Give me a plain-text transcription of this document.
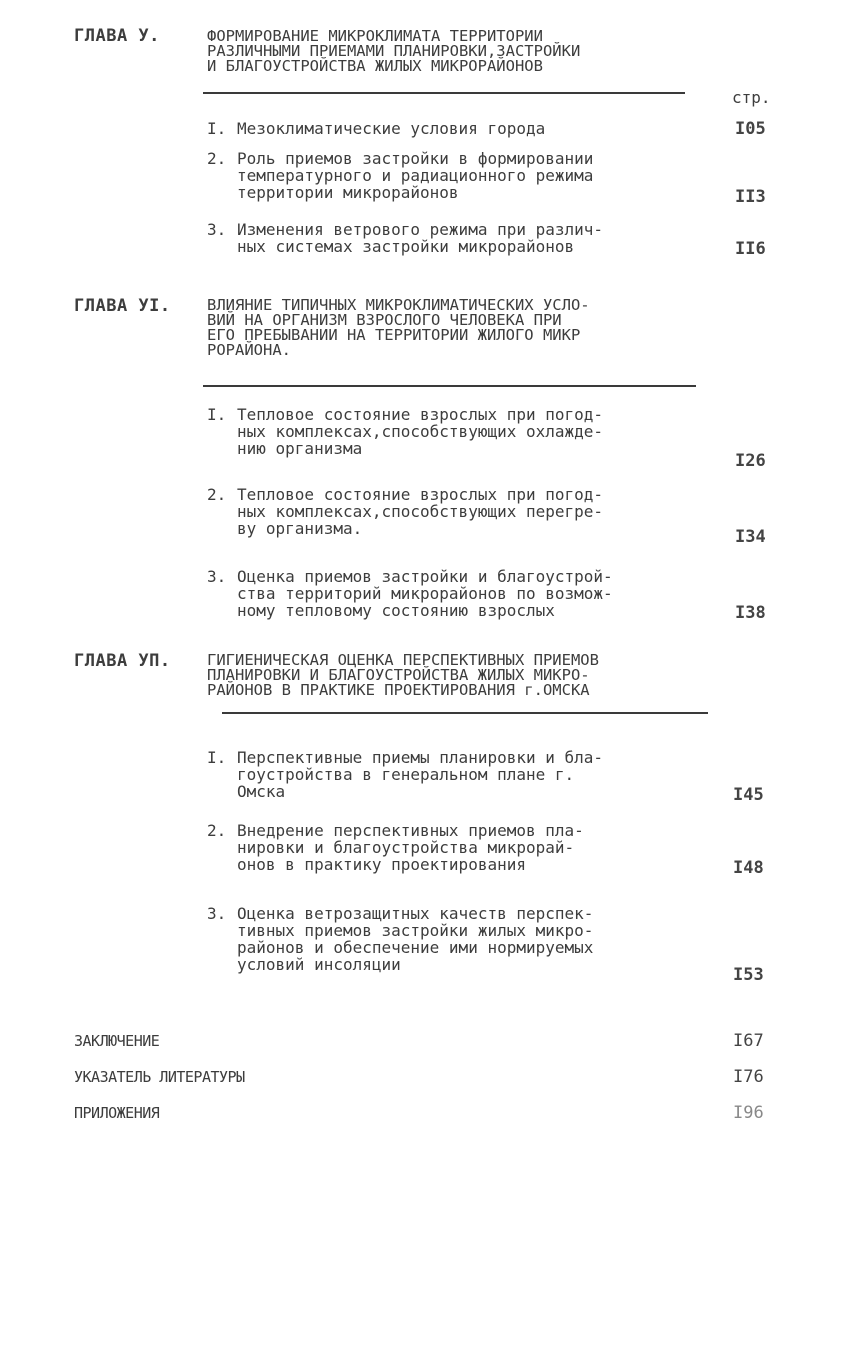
ГЛАВА У.	ФОРМИРОВАНИЕ МИКРОКЛИМАТА ТЕРРИТОРИИ
РАЗЛИЧНЫМИ ПРИЕМАМИ ПЛАНИРОВКИ,ЗАСТРОЙКИ
И БЛАГОУСТРОЙСТВА ЖИЛЫХ МИКРОРАЙОНОВ
стр.
I. Мезоклиматические условия города	I05
2. Роль приемов застройки в формировании
температурного и радиационного режима
территории микрорайонов	II3
3. Изменения ветрового режима при различ-
ных системах застройки микрорайонов	II6
ГЛАВА УI. ВЛИЯНИЕ ТИПИЧНЫХ МИКРОКЛИМАТИЧЕСКИХ УСЛО-
ВИЙ НА ОРГАНИЗМ ВЗРОСЛОГО ЧЕЛОВЕКА ПРИ
ЕГО ПРЕБЫВАНИИ НА ТЕРРИТОРИИ ЖИЛОГО МИКР
РОРАЙОНА.
I. Тепловое состояние взрослых при погод-
ных комплексах,способствующих охлажде-
нию организма
I26
2. Тепловое состояние взрослых при погод-
ных комплексах,способствующих перегре-
ву организма.	I34
3. Оценка приемов застройки и благоустрой-
ства территорий микрорайонов по возмож-
ному тепловому состоянию взрослых	I38
ГЛАВА УП. ГИГИЕНИЧЕСКАЯ ОЦЕНКА ПЕРСПЕКТИВНЫХ ПРИЕМОВ
ПЛАНИРОВКИ И БЛАГОУСТРОЙСТВА ЖИЛЫХ МИКРО-
РАЙОНОВ В ПРАКТИКЕ ПРОЕКТИРОВАНИЯ г.ОМСКА
I. Перспективные приемы планировки и бла-
гоустройства в генеральном плане г.
Омска	I45
2. Внедрение перспективных приемов пла-
нировки и благоустройства микрорай-
онов в практику проектирования	I48
3. Оценка ветрозащитных качеств перспек-
тивных приемов застройки жилых микро-
районов и обеспечение ими нормируемых
условий инсоляции
I53
ЗАКЛЮЧЕНИЕ	I67
УКАЗАТЕЛЬ ЛИТЕРАТУРЫ	I76
ПРИЛОЖЕНИЯ	I96
